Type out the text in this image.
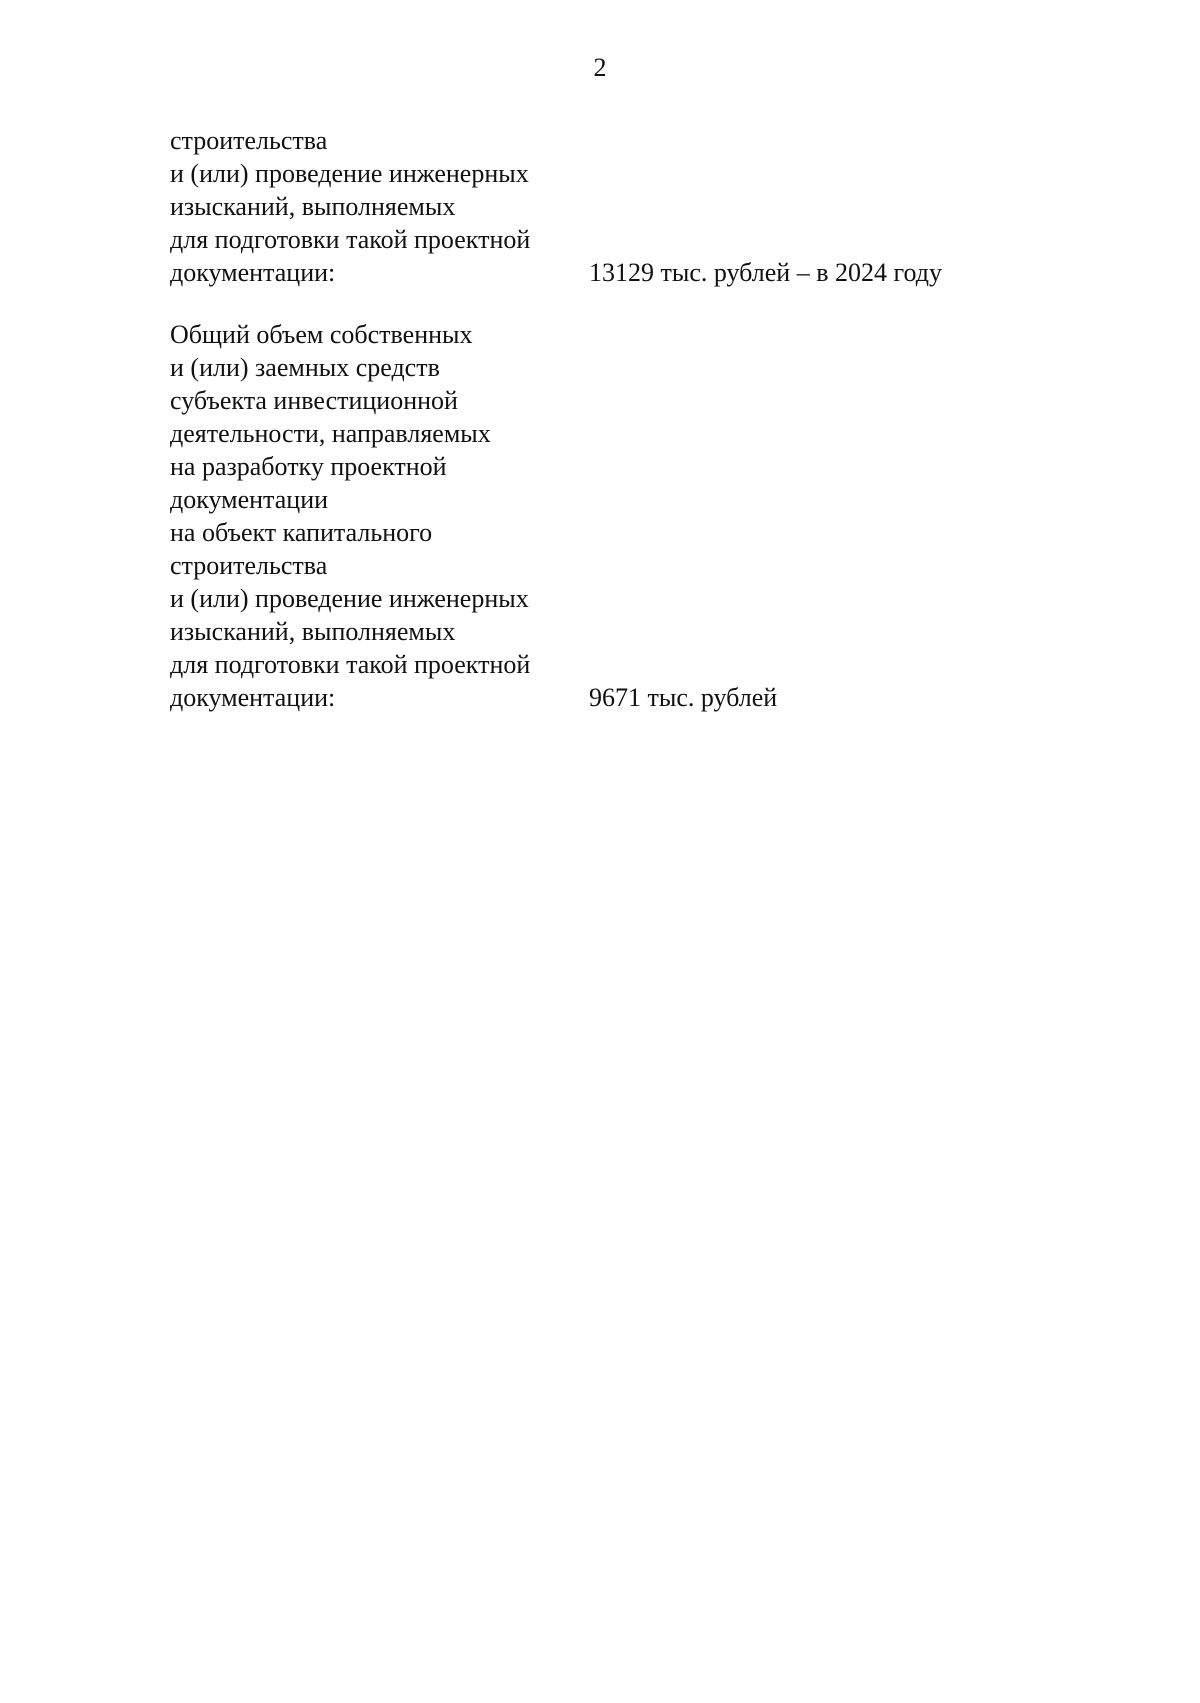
2
строительства
и (или) проведение инженерных
изысканий, выполняемых
для подготовки такой проектной
документации:	13129 тыс. рублей – в 2024 году
Общий объем собственных
и (или) заемных средств
субъекта инвестиционной
деятельности, направляемых
на разработку проектной
документации
на объект капитального
строительства
и (или) проведение инженерных
изысканий, выполняемых
для подготовки такой проектной
документации:	9671 тыс. рублей
